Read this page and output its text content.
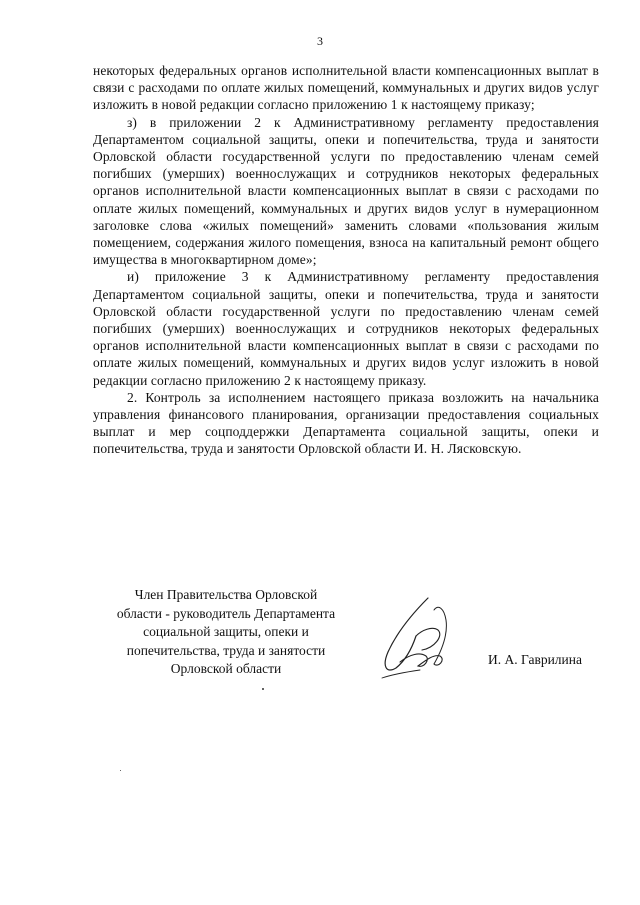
3

некоторых федеральных органов исполнительной власти компенсационных выплат в связи с расходами по оплате жилых помещений, коммунальных и других видов услуг изложить в новой редакции согласно приложению 1 к настоящему приказу;

з) в приложении 2 к Административному регламенту предоставления Департаментом социальной защиты, опеки и попечительства, труда и занятости Орловской области государственной услуги по предоставлению членам семей погибших (умерших) военнослужащих и сотрудников некоторых федеральных органов исполнительной власти компенсационных выплат в связи с расходами по оплате жилых помещений, коммунальных и других видов услуг в нумерационном заголовке слова «жилых помещений» заменить словами «пользования жилым помещением, содержания жилого помещения, взноса на капитальный ремонт общего имущества в многоквартирном доме»;

и) приложение 3 к Административному регламенту предоставления Департаментом социальной защиты, опеки и попечительства, труда и занятости Орловской области государственной услуги по предоставлению членам семей погибших (умерших) военнослужащих и сотрудников некоторых федеральных органов исполнительной власти компенсационных выплат в связи с расходами по оплате жилых помещений, коммунальных и других видов услуг изложить в новой редакции согласно приложению 2 к настоящему приказу.

2. Контроль за исполнением настоящего приказа возложить на начальника управления финансового планирования, организации предоставления социальных выплат и мер соцподдержки Департамента социальной защиты, опеки и попечительства, труда и занятости Орловской области И. Н. Лясковскую.

Член Правительства Орловской
области - руководитель Департамента
социальной защиты, опеки и
попечительства, труда и занятости
Орловской области
И. А. Гаврилина
